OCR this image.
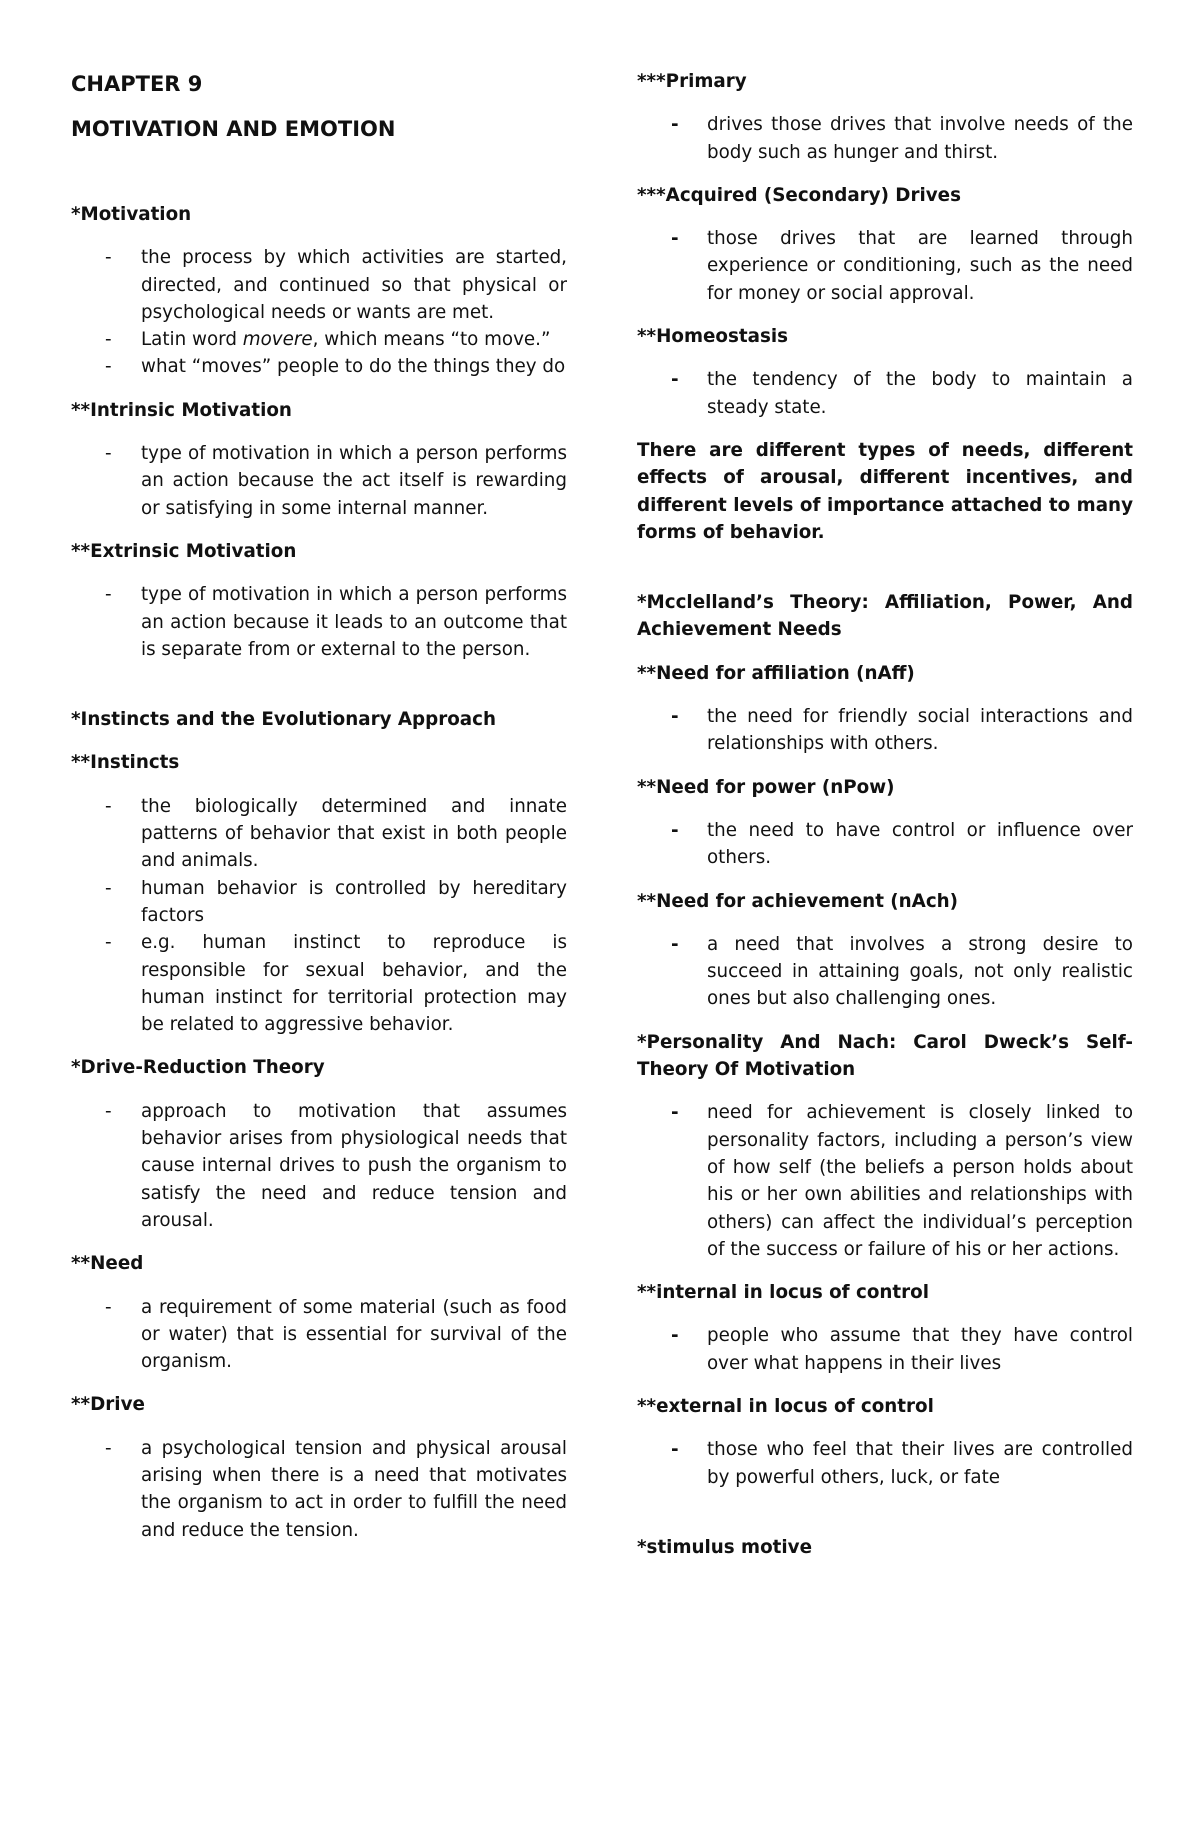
CHAPTER 9
MOTIVATION AND EMOTION
*Motivation
- the process by which activities are started, directed, and continued so that physical or psychological needs or wants are met.
- Latin word movere, which means “to move.”
- what “moves” people to do the things they do
**Intrinsic Motivation
- type of motivation in which a person performs an action because the act itself is rewarding or satisfying in some internal manner.
**Extrinsic Motivation
- type of motivation in which a person performs an action because it leads to an outcome that is separate from or external to the person.
*Instincts and the Evolutionary Approach
**Instincts
- the biologically determined and innate patterns of behavior that exist in both people and animals.
- human behavior is controlled by hereditary factors
- e.g. human instinct to reproduce is responsible for sexual behavior, and the human instinct for territorial protection may be related to aggressive behavior.
*Drive-Reduction Theory
- approach to motivation that assumes behavior arises from physiological needs that cause internal drives to push the organism to satisfy the need and reduce tension and arousal.
**Need
- a requirement of some material (such as food or water) that is essential for survival of the organism.
**Drive
- a psychological tension and physical arousal arising when there is a need that motivates the organism to act in order to fulfill the need and reduce the tension.
***Primary
- drives those drives that involve needs of the body such as hunger and thirst.
***Acquired (Secondary) Drives
- those drives that are learned through experience or conditioning, such as the need for money or social approval.
**Homeostasis
- the tendency of the body to maintain a steady state.

There are different types of needs, different effects of arousal, different incentives, and different levels of importance attached to many forms of behavior.

*Mcclelland’s Theory: Affiliation, Power, And Achievement Needs
**Need for affiliation (nAff)
- the need for friendly social interactions and relationships with others.
**Need for power (nPow)
- the need to have control or influence over others.
**Need for achievement (nAch)
- a need that involves a strong desire to succeed in attaining goals, not only realistic ones but also challenging ones.
*Personality And Nach: Carol Dweck’s Self-Theory Of Motivation
- need for achievement is closely linked to personality factors, including a person’s view of how self (the beliefs a person holds about his or her own abilities and relationships with others) can affect the individual’s perception of the success or failure of his or her actions.
**internal in locus of control
- people who assume that they have control over what happens in their lives
**external in locus of control
- those who feel that their lives are controlled by powerful others, luck, or fate
*stimulus motive
